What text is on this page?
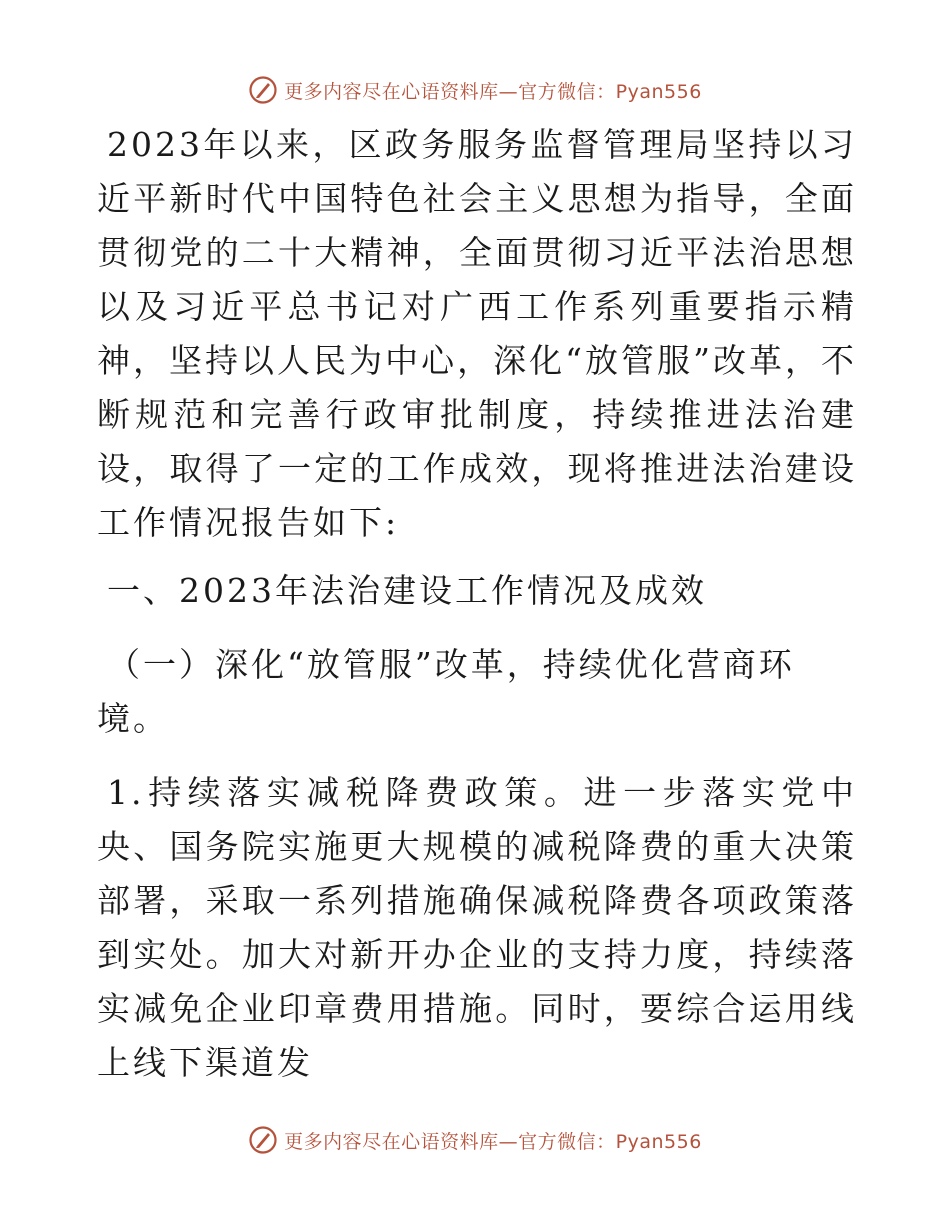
更多内容尽在心语资料库—官方微信：Pyan556

2023年以来，区政务服务监督管理局坚持以习近平新时代中国特色社会主义思想为指导，全面贯彻党的二十大精神，全面贯彻习近平法治思想以及习近平总书记对广西工作系列重要指示精神，坚持以人民为中心，深化“放管服”改革，不断规范和完善行政审批制度，持续推进法治建设，取得了一定的工作成效，现将推进法治建设工作情况报告如下:

一、2023年法治建设工作情况及成效

（一）深化“放管服”改革，持续优化营商环境。

1.持续落实减税降费政策。进一步落实党中央、国务院实施更大规模的减税降费的重大决策部署，采取一系列措施确保减税降费各项政策落到实处。加大对新开办企业的支持力度，持续落实减免企业印章费用措施。同时，要综合运用线上线下渠道发

更多内容尽在心语资料库—官方微信：Pyan556
